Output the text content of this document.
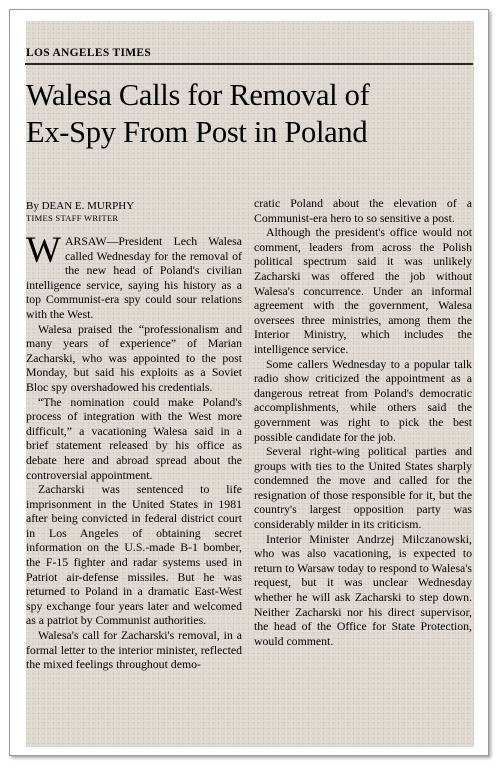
LOS ANGELES TIMES
Walesa Calls for Removal of
Ex-Spy From Post in Poland
By DEAN E. MURPHY
TIMES STAFF WRITER

WARSAW—President Lech Walesa called Wednesday for the removal of the new head of Poland's civilian intelligence service, saying his history as a top Communist-era spy could sour relations with the West.

Walesa praised the “professionalism and many years of experience” of Marian Zacharski, who was appointed to the post Monday, but said his exploits as a Soviet Bloc spy overshadowed his credentials.

“The nomination could make Poland's process of integration with the West more difficult,” a vacationing Walesa said in a brief statement released by his office as debate here and abroad spread about the controversial appointment.

Zacharski was sentenced to life imprisonment in the United States in 1981 after being convicted in federal district court in Los Angeles of obtaining secret information on the U.S.-made B-1 bomber, the F-15 fighter and radar systems used in Patriot air-defense missiles. But he was returned to Poland in a dramatic East-West spy exchange four years later and welcomed as a patriot by Communist authorities.

Walesa's call for Zacharski's removal, in a formal letter to the interior minister, reflected the mixed feelings throughout demo-

cratic Poland about the elevation of a Communist-era hero to so sensitive a post.

Although the president's office would not comment, leaders from across the Polish political spectrum said it was unlikely Zacharski was offered the job without Walesa's concurrence. Under an informal agreement with the government, Walesa oversees three ministries, among them the Interior Ministry, which includes the intelligence service.

Some callers Wednesday to a popular talk radio show criticized the appointment as a dangerous retreat from Poland's democratic accomplishments, while others said the government was right to pick the best possible candidate for the job.

Several right-wing political parties and groups with ties to the United States sharply condemned the move and called for the resignation of those responsible for it, but the country's largest opposition party was considerably milder in its criticism.

Interior Minister Andrzej Milczanowski, who was also vacationing, is expected to return to Warsaw today to respond to Walesa's request, but it was unclear Wednesday whether he will ask Zacharski to step down. Neither Zacharski nor his direct supervisor, the head of the Office for State Protection, would comment.
